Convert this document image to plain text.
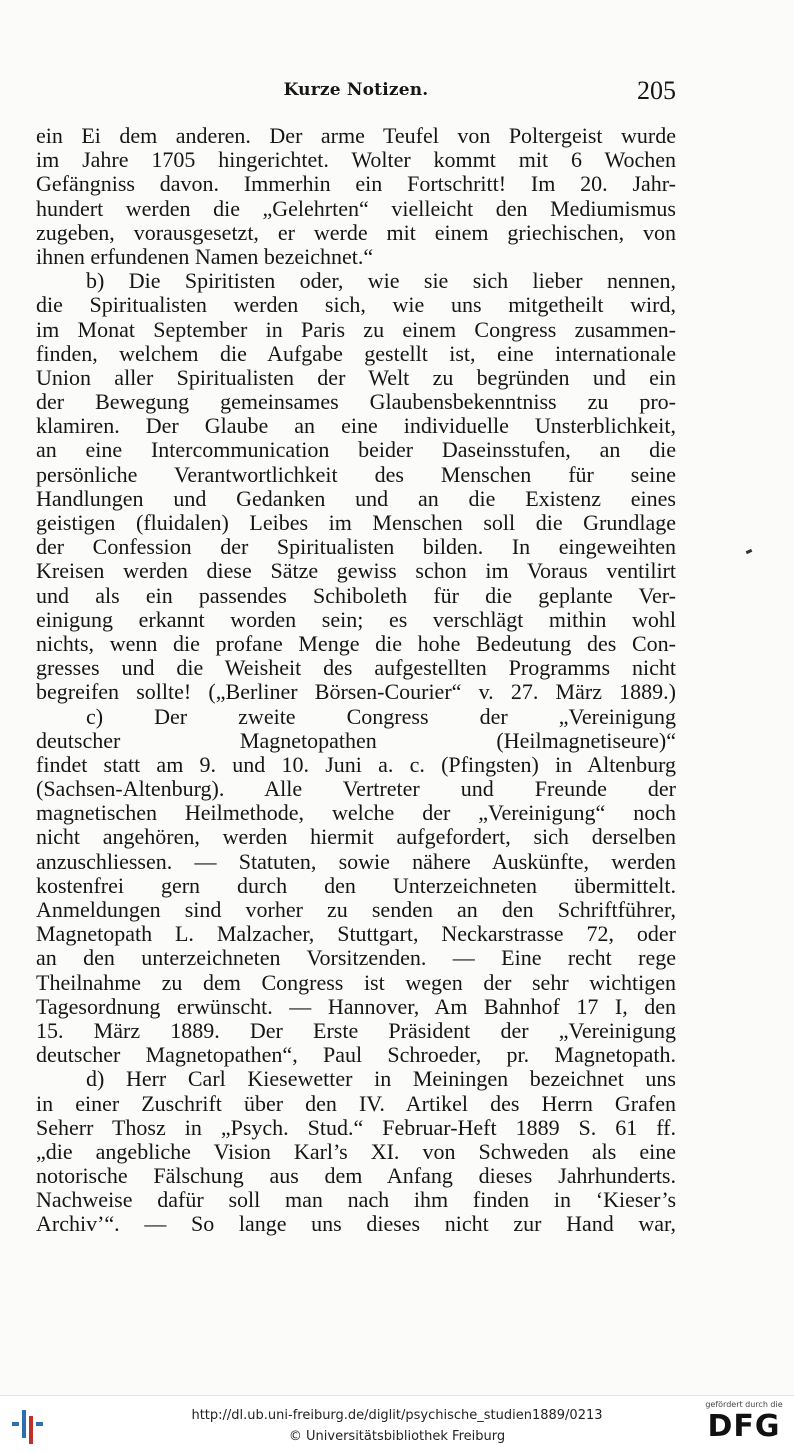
Kurze Notizen.	205
ein Ei dem anderen. Der arme Teufel von Poltergeist wurde
im Jahre 1705 hingerichtet. Wolter kommt mit 6 Wochen
Gefängniss davon. Immerhin ein Fortschritt! Im 20. Jahr-
hundert werden die „Gelehrten“ vielleicht den Mediumismus
zugeben, vorausgesetzt, er werde mit einem griechischen, von
ihnen erfundenen Namen bezeichnet.“
b) Die Spiritisten oder, wie sie sich lieber nennen,
die Spiritualisten werden sich, wie uns mitgetheilt wird,
im Monat September in Paris zu einem Congress zusammen-
finden, welchem die Aufgabe gestellt ist, eine internationale
Union aller Spiritualisten der Welt zu begründen und ein
der Bewegung gemeinsames Glaubensbekenntniss zu pro-
klamiren. Der Glaube an eine individuelle Unsterblichkeit,
an eine Intercommunication beider Daseinsstufen, an die
persönliche Verantwortlichkeit des Menschen für seine
Handlungen und Gedanken und an die Existenz eines
geistigen (fluidalen) Leibes im Menschen soll die Grundlage
der Confession der Spiritualisten bilden. In eingeweihten
Kreisen werden diese Sätze gewiss schon im Voraus ventilirt
und als ein passendes Schiboleth für die geplante Ver-
einigung erkannt worden sein; es verschlägt mithin wohl
nichts, wenn die profane Menge die hohe Bedeutung des Con-
gresses und die Weisheit des aufgestellten Programms nicht
begreifen sollte! („Berliner Börsen-Courier“ v. 27. März 1889.)
c) Der zweite Congress der „Vereinigung
deutscher Magnetopathen (Heilmagnetiseure)“
findet statt am 9. und 10. Juni a. c. (Pfingsten) in Altenburg
(Sachsen-Altenburg). Alle Vertreter und Freunde der
magnetischen Heilmethode, welche der „Vereinigung“ noch
nicht angehören, werden hiermit aufgefordert, sich derselben
anzuschliessen. — Statuten, sowie nähere Auskünfte, werden
kostenfrei gern durch den Unterzeichneten übermittelt.
Anmeldungen sind vorher zu senden an den Schriftführer,
Magnetopath L. Malzacher, Stuttgart, Neckarstrasse 72, oder
an den unterzeichneten Vorsitzenden. — Eine recht rege
Theilnahme zu dem Congress ist wegen der sehr wichtigen
Tagesordnung erwünscht. — Hannover, Am Bahnhof 17 I, den
15. März 1889. Der Erste Präsident der „Vereinigung
deutscher Magnetopathen“, Paul Schroeder, pr. Magnetopath.
d) Herr Carl Kiesewetter in Meiningen bezeichnet uns
in einer Zuschrift über den IV. Artikel des Herrn Grafen
Seherr Thosz in „Psych. Stud.“ Februar-Heft 1889 S. 61 ff.
„die angebliche Vision Karl’s XI. von Schweden als eine
notorische Fälschung aus dem Anfang dieses Jahrhunderts.
Nachweise dafür soll man nach ihm finden in ‘Kieser’s
Archiv’“. — So lange uns dieses nicht zur Hand war,
http://dl.ub.uni-freiburg.de/diglit/psychische_studien1889/0213
© Universitätsbibliothek Freiburg
gefördert durch die
DFG
